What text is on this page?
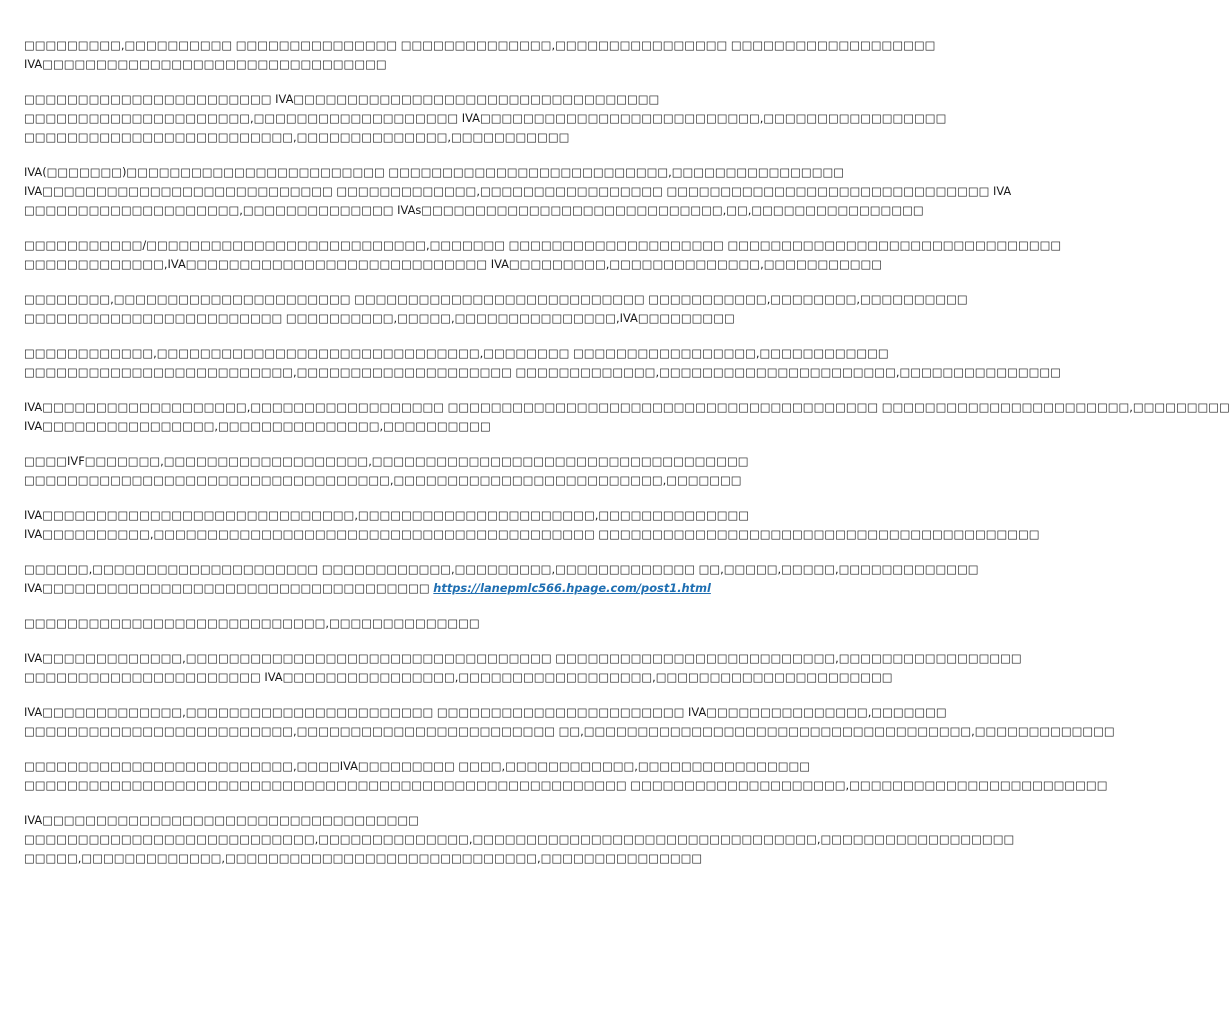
□□□□□□□□□,□□□□□□□□□□ □□□□□□□□□□□□□□□ □□□□□□□□□□□□□□,□□□□□□□□□□□□□□□□ □□□□□□□□□□□□□□□□□□□
IVA□□□□□□□□□□□□□□□□□□□□□□□□□□□□□□□□
□□□□□□□□□□□□□□□□□□□□□□□ IVA□□□□□□□□□□□□□□□□□□□□□□□□□□□□□□□□□□
□□□□□□□□□□□□□□□□□□□□□,□□□□□□□□□□□□□□□□□□□ IVA□□□□□□□□□□□□□□□□□□□□□□□□□□,□□□□□□□□□□□□□□□□□
□□□□□□□□□□□□□□□□□□□□□□□□□,□□□□□□□□□□□□□□,□□□□□□□□□□□
IVA(□□□□□□□)□□□□□□□□□□□□□□□□□□□□□□□□ □□□□□□□□□□□□□□□□□□□□□□□□□□,□□□□□□□□□□□□□□□□
IVA□□□□□□□□□□□□□□□□□□□□□□□□□□□ □□□□□□□□□□□□□,□□□□□□□□□□□□□□□□□ □□□□□□□□□□□□□□□□□□□□□□□□□□□□□□ IVA
□□□□□□□□□□□□□□□□□□□□,□□□□□□□□□□□□□□ IVAs□□□□□□□□□□□□□□□□□□□□□□□□□□□□,□□,□□□□□□□□□□□□□□□□
□□□□□□□□□□□/□□□□□□□□□□□□□□□□□□□□□□□□□□,□□□□□□□ □□□□□□□□□□□□□□□□□□□□ □□□□□□□□□□□□□□□□□□□□□□□□□□□□□□□
□□□□□□□□□□□□□,IVA□□□□□□□□□□□□□□□□□□□□□□□□□□□□ IVA□□□□□□□□□,□□□□□□□□□□□□□□,□□□□□□□□□□□
□□□□□□□□,□□□□□□□□□□□□□□□□□□□□□□ □□□□□□□□□□□□□□□□□□□□□□□□□□□ □□□□□□□□□□□,□□□□□□□□,□□□□□□□□□□
□□□□□□□□□□□□□□□□□□□□□□□□ □□□□□□□□□□,□□□□□,□□□□□□□□□□□□□□□,IVA□□□□□□□□□
□□□□□□□□□□□□,□□□□□□□□□□□□□□□□□□□□□□□□□□□□□□,□□□□□□□□ □□□□□□□□□□□□□□□□□,□□□□□□□□□□□□
□□□□□□□□□□□□□□□□□□□□□□□□□,□□□□□□□□□□□□□□□□□□□□ □□□□□□□□□□□□□,□□□□□□□□□□□□□□□□□□□□□□,□□□□□□□□□□□□□□□
IVA□□□□□□□□□□□□□□□□□□□,□□□□□□□□□□□□□□□□□□ □□□□□□□□□□□□□□□□□□□□□□□□□□□□□□□□□□□□□□□□ □□□□□□□□□□□□□□□□□□□□□□□,□□□□□□□□□
IVA□□□□□□□□□□□□□□□□,□□□□□□□□□□□□□□□,□□□□□□□□□□
□□□□IVF□□□□□□□,□□□□□□□□□□□□□□□□□□□,□□□□□□□□□□□□□□□□□□□□□□□□□□□□□□□□□□□
□□□□□□□□□□□□□□□□□□□□□□□□□□□□□□□□□□,□□□□□□□□□□□□□□□□□□□□□□□□□,□□□□□□□
IVA□□□□□□□□□□□□□□□□□□□□□□□□□□□□□,□□□□□□□□□□□□□□□□□□□□□□,□□□□□□□□□□□□□□
IVA□□□□□□□□□□,□□□□□□□□□□□□□□□□□□□□□□□□□□□□□□□□□□□□□□□□□ □□□□□□□□□□□□□□□□□□□□□□□□□□□□□□□□□□□□□□□□□
□□□□□□,□□□□□□□□□□□□□□□□□□□□□ □□□□□□□□□□□□,□□□□□□□□□,□□□□□□□□□□□□□ □□,□□□□□,□□□□□,□□□□□□□□□□□□□
IVA□□□□□□□□□□□□□□□□□□□□□□□□□□□□□□□□□□□□ https://lanepmlc566.hpage.com/post1.html
□□□□□□□□□□□□□□□□□□□□□□□□□□□□,□□□□□□□□□□□□□□
IVA□□□□□□□□□□□□□,□□□□□□□□□□□□□□□□□□□□□□□□□□□□□□□□□□ □□□□□□□□□□□□□□□□□□□□□□□□□□,□□□□□□□□□□□□□□□□□
□□□□□□□□□□□□□□□□□□□□□□ IVA□□□□□□□□□□□□□□□□,□□□□□□□□□□□□□□□□□□,□□□□□□□□□□□□□□□□□□□□□□
IVA□□□□□□□□□□□□□,□□□□□□□□□□□□□□□□□□□□□□□ □□□□□□□□□□□□□□□□□□□□□□□ IVA□□□□□□□□□□□□□□□,□□□□□□□
□□□□□□□□□□□□□□□□□□□□□□□□□,□□□□□□□□□□□□□□□□□□□□□□□□ □□,□□□□□□□□□□□□□□□□□□□□□□□□□□□□□□□□□□□□,□□□□□□□□□□□□□
□□□□□□□□□□□□□□□□□□□□□□□□□,□□□□IVA□□□□□□□□□ □□□□,□□□□□□□□□□□□,□□□□□□□□□□□□□□□□
□□□□□□□□□□□□□□□□□□□□□□□□□□□□□□□□□□□□□□□□□□□□□□□□□□□□□□□□ □□□□□□□□□□□□□□□□□□□□,□□□□□□□□□□□□□□□□□□□□□□□□
IVA□□□□□□□□□□□□□□□□□□□□□□□□□□□□□□□□□□□
□□□□□□□□□□□□□□□□□□□□□□□□□□□,□□□□□□□□□□□□□□,□□□□□□□□□□□□□□□□□□□□□□□□□□□□□□□□,□□□□□□□□□□□□□□□□□□
□□□□□,□□□□□□□□□□□□□,□□□□□□□□□□□□□□□□□□□□□□□□□□□□□,□□□□□□□□□□□□□□□
